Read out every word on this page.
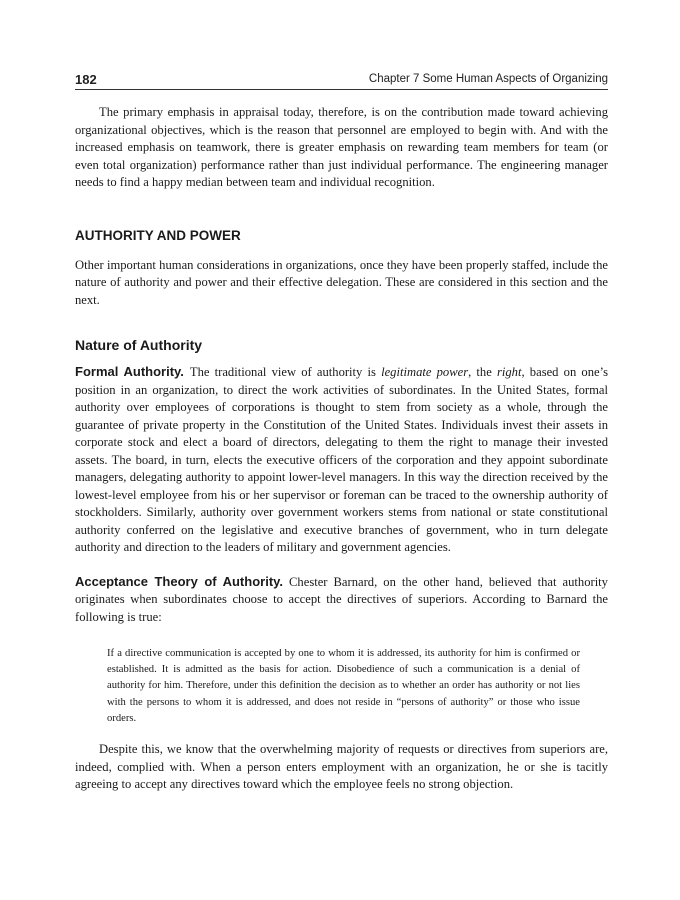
182	Chapter 7 Some Human Aspects of Organizing

The primary emphasis in appraisal today, therefore, is on the contribution made toward achieving organizational objectives, which is the reason that personnel are employed to begin with. And with the increased emphasis on teamwork, there is greater emphasis on rewarding team members for team (or even total organization) performance rather than just individual performance. The engineering manager needs to find a happy median between team and individual recognition.

AUTHORITY AND POWER

Other important human considerations in organizations, once they have been properly staffed, include the nature of authority and power and their effective delegation. These are considered in this section and the next.

Nature of Authority

Formal Authority. The traditional view of authority is legitimate power, the right, based on one’s position in an organization, to direct the work activities of subordinates. In the United States, formal authority over employees of corporations is thought to stem from society as a whole, through the guarantee of private property in the Constitution of the United States. Individuals invest their assets in corporate stock and elect a board of directors, delegating to them the right to manage their invested assets. The board, in turn, elects the executive officers of the corporation and they appoint subordinate managers, delegating authority to appoint lower-level managers. In this way the direction received by the lowest-level employee from his or her supervisor or foreman can be traced to the ownership authority of stockholders. Similarly, authority over government workers stems from national or state constitutional authority conferred on the legislative and executive branches of government, who in turn delegate authority and direction to the leaders of military and government agencies.

Acceptance Theory of Authority. Chester Barnard, on the other hand, believed that authority originates when subordinates choose to accept the directives of superiors. According to Barnard the following is true:

If a directive communication is accepted by one to whom it is addressed, its authority for him is confirmed or established. It is admitted as the basis for action. Disobedience of such a communication is a denial of authority for him. Therefore, under this definition the decision as to whether an order has authority or not lies with the persons to whom it is addressed, and does not reside in “persons of authority” or those who issue orders.

Despite this, we know that the overwhelming majority of requests or directives from superiors are, indeed, complied with. When a person enters employment with an organization, he or she is tacitly agreeing to accept any directives toward which the employee feels no strong objection.
